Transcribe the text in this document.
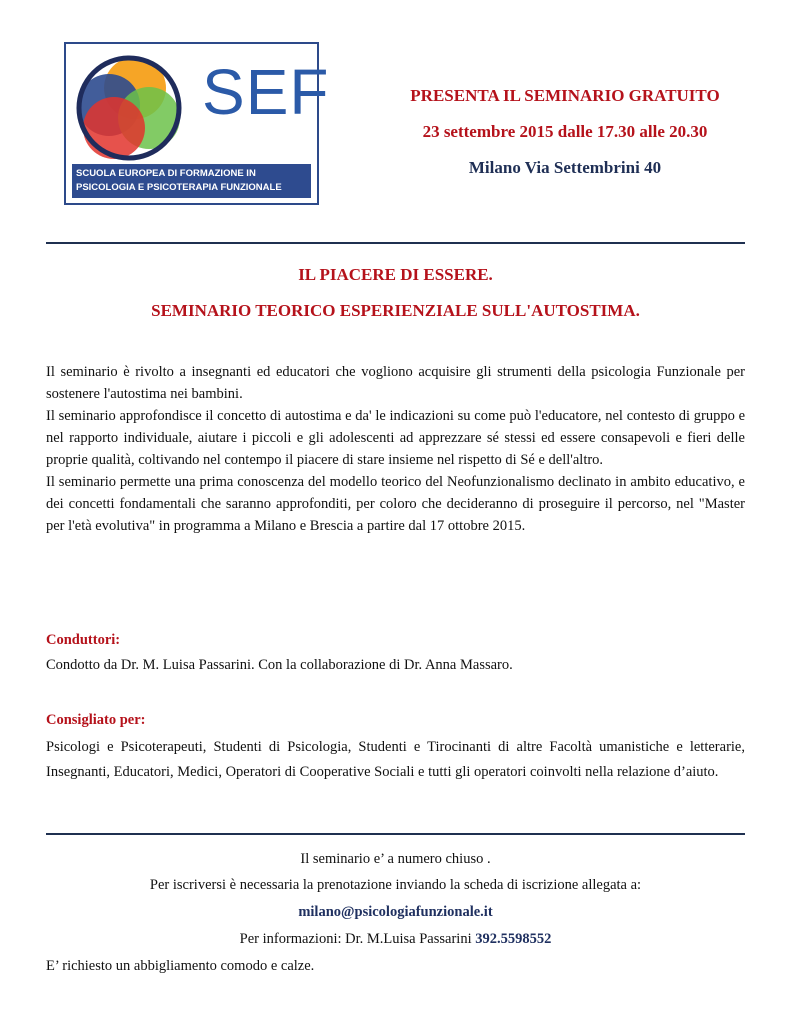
SEF
SCUOLA EUROPEA DI FORMAZIONE IN
PSICOLOGIA E PSICOTERAPIA FUNZIONALE
PRESENTA IL SEMINARIO GRATUITO
23 settembre 2015 dalle 17.30 alle 20.30
Milano Via Settembrini 40
IL PIACERE DI ESSERE.
SEMINARIO TEORICO ESPERIENZIALE SULL'AUTOSTIMA.

Il seminario è rivolto a insegnanti ed educatori che vogliono acquisire gli strumenti della psicologia Funzionale per sostenere l'autostima nei bambini.

Il seminario approfondisce il concetto di autostima e da' le indicazioni su come può l'educatore, nel contesto di gruppo e nel rapporto individuale, aiutare i piccoli e gli adolescenti ad apprezzare sé stessi ed essere consapevoli e fieri delle proprie qualità, coltivando nel contempo il piacere di stare insieme nel rispetto di Sé e dell'altro.

Il seminario permette una prima conoscenza del modello teorico del Neofunzionalismo declinato in ambito educativo, e dei concetti fondamentali che saranno approfonditi, per coloro che decideranno di proseguire il percorso, nel "Master per l'età evolutiva" in programma a Milano e Brescia a partire dal 17 ottobre 2015.

Conduttori:
Condotto da Dr. M. Luisa Passarini. Con la collaborazione di Dr. Anna Massaro.
Consigliato per:
Psicologi e Psicoterapeuti, Studenti di Psicologia, Studenti e Tirocinanti di altre Facoltà umanistiche e letterarie, Insegnanti, Educatori, Medici, Operatori di Cooperative Sociali e tutti gli operatori coinvolti nella relazione d’aiuto.
Il seminario e’ a numero chiuso .
Per iscriversi è necessaria la prenotazione inviando la scheda di iscrizione allegata a:
milano@psicologiafunzionale.it
Per informazioni: Dr. M.Luisa Passarini 392.5598552
E’ richiesto un abbigliamento comodo e calze.
